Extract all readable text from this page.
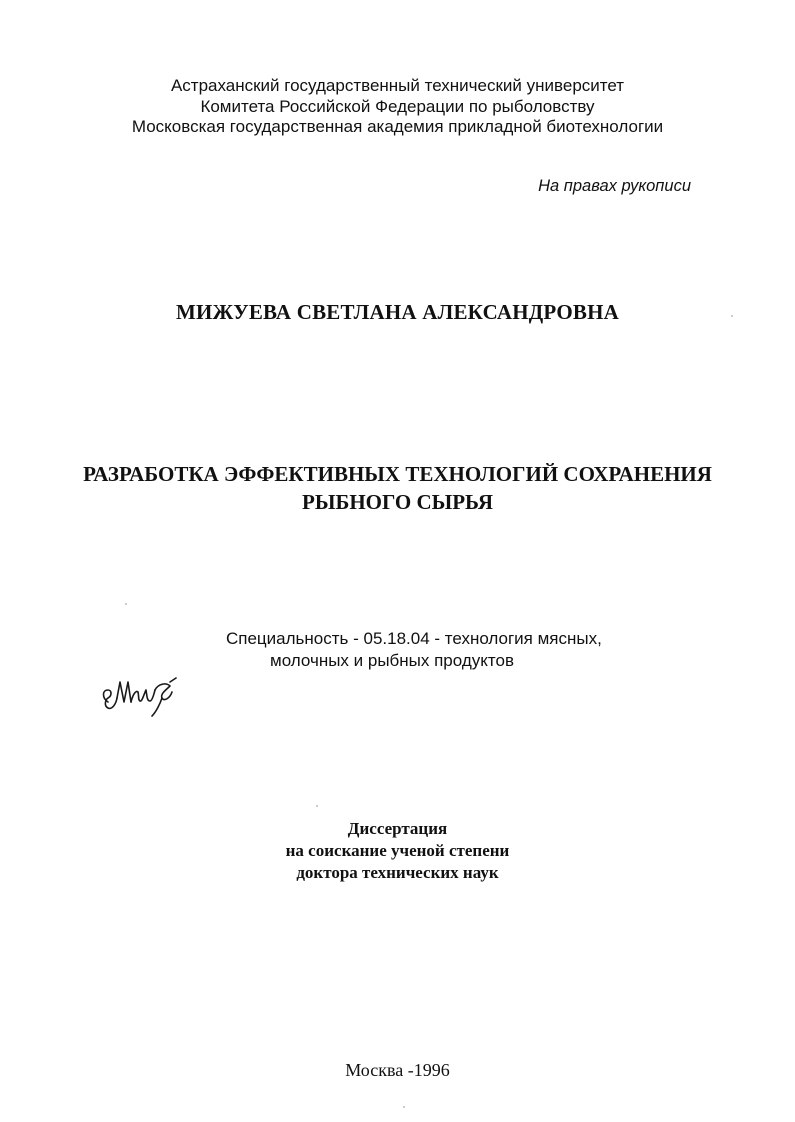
Астраханский государственный технический университет
Комитета Российской Федерации по рыболовству
Московская государственная академия прикладной биотехнологии
На правах рукописи
МИЖУЕВА СВЕТЛАНА АЛЕКСАНДРОВНА
РАЗРАБОТКА ЭФФЕКТИВНЫХ ТЕХНОЛОГИЙ СОХРАНЕНИЯ
РЫБНОГО СЫРЬЯ
Специальность - 05.18.04 - технология мясных,
молочных и рыбных продуктов
Диссертация
на соискание ученой степени
доктора технических наук
Москва -1996
